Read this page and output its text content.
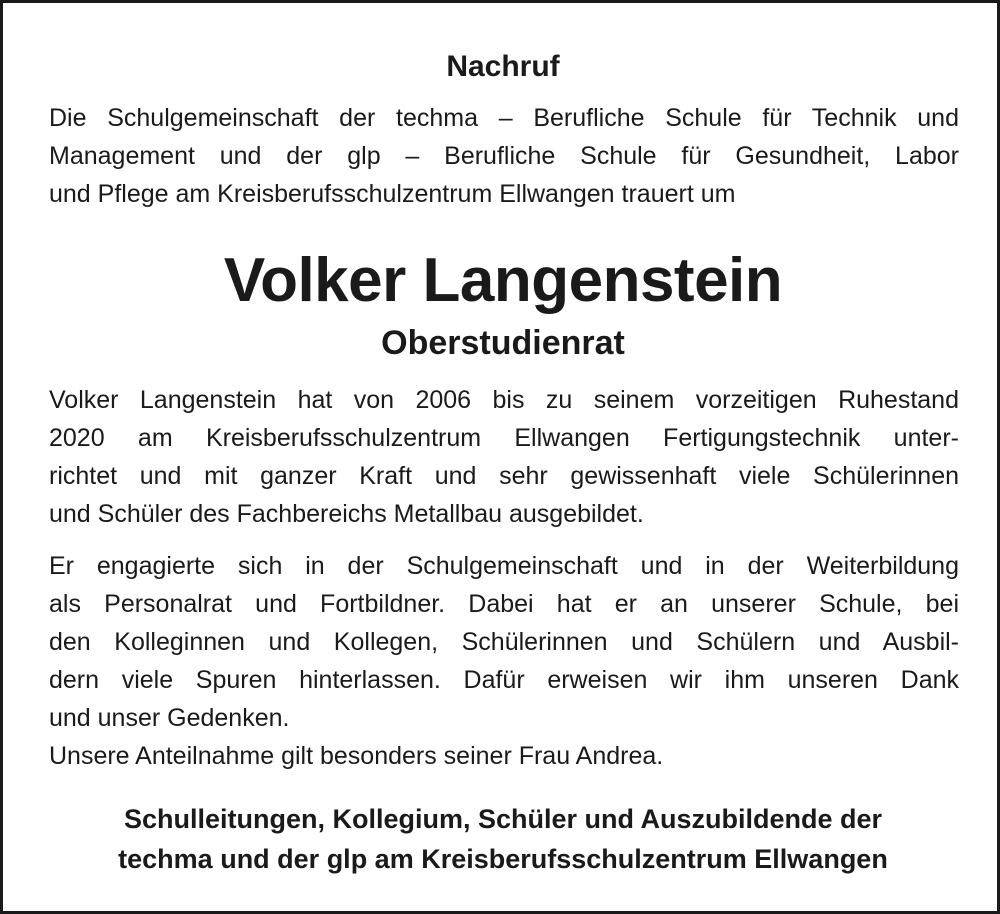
Nachruf
Die Schulgemeinschaft der techma – Berufliche Schule für Technik und
Management und der glp – Berufliche Schule für Gesundheit, Labor
und Pflege am Kreisberufsschulzentrum Ellwangen trauert um
Volker Langenstein
Oberstudienrat
Volker Langenstein hat von 2006 bis zu seinem vorzeitigen Ruhestand
2020 am Kreisberufsschulzentrum Ellwangen Fertigungstechnik unter-
richtet und mit ganzer Kraft und sehr gewissenhaft viele Schülerinnen
und Schüler des Fachbereichs Metallbau ausgebildet.
Er engagierte sich in der Schulgemeinschaft und in der Weiterbildung
als Personalrat und Fortbildner. Dabei hat er an unserer Schule, bei
den Kolleginnen und Kollegen, Schülerinnen und Schülern und Ausbil-
dern viele Spuren hinterlassen. Dafür erweisen wir ihm unseren Dank
und unser Gedenken.
Unsere Anteilnahme gilt besonders seiner Frau Andrea.
Schulleitungen, Kollegium, Schüler und Auszubildende der
techma und der glp am Kreisberufsschulzentrum Ellwangen
